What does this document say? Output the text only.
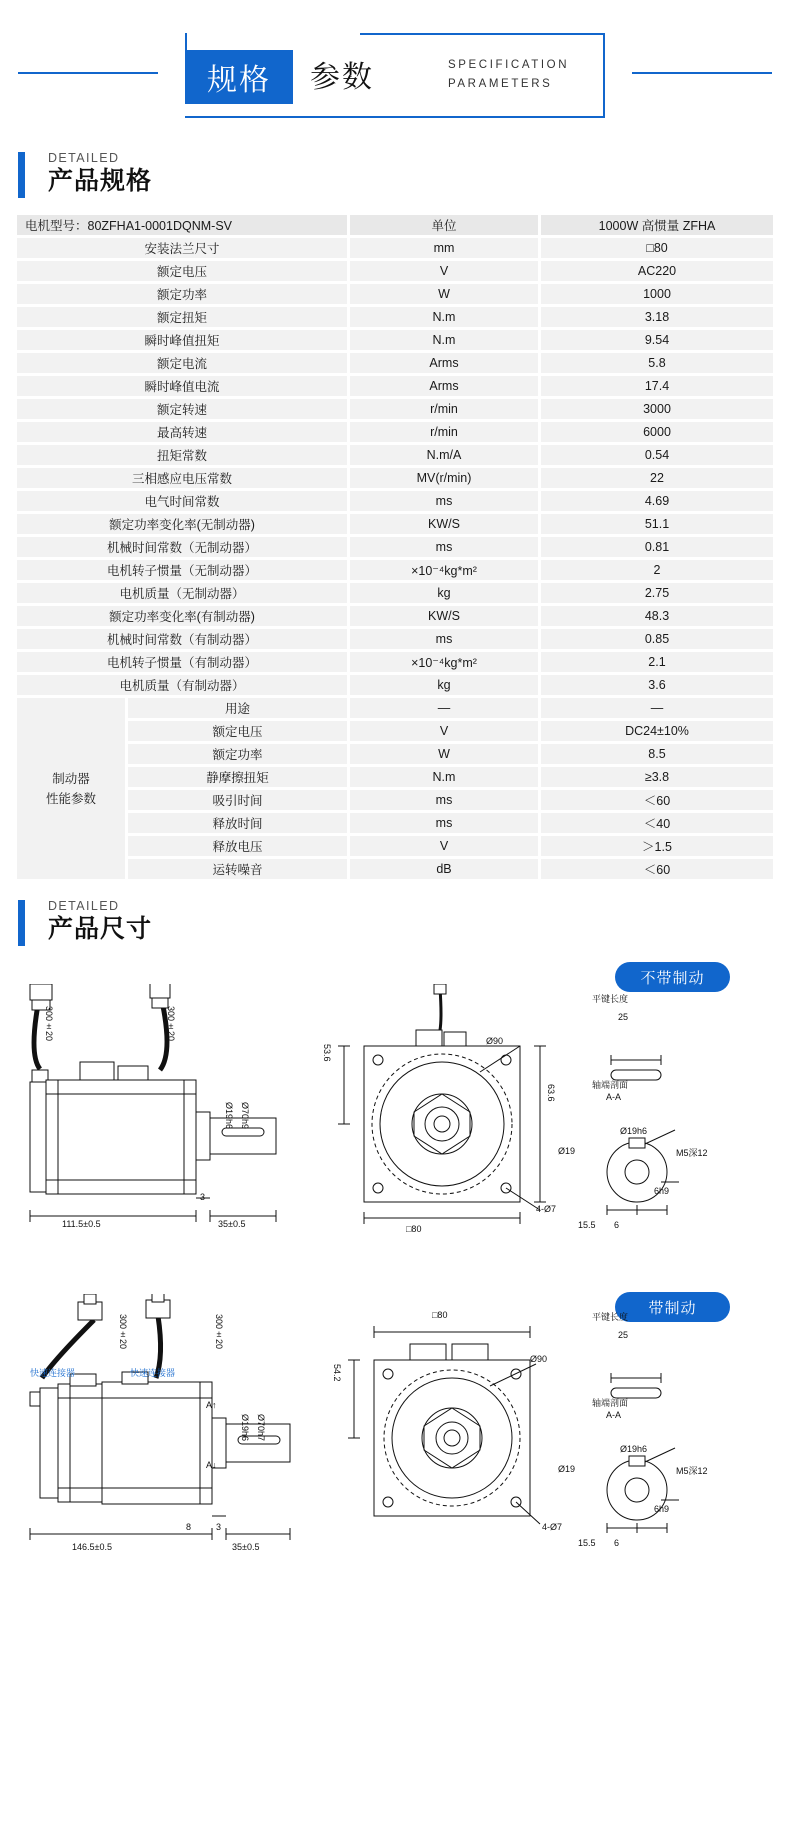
规格	参数	SPECIFICATION
PARAMETERS
DETAILED
产品规格
电机型号：80ZFHA1-0001DQNM-SV		单位	1000W 高惯量 ZFHA
安装法兰尺寸		mm	□80
额定电压		V	AC220
额定功率		W	1000
额定扭矩		N.m	3.18
瞬时峰值扭矩		N.m	9.54
额定电流		Arms	5.8
瞬时峰值电流		Arms	17.4
额定转速		r/min	3000
最高转速		r/min	6000
扭矩常数		N.m/A	0.54
三相感应电压常数		MV(r/min)	22
电气时间常数		ms	4.69
额定功率变化率(无制动器)		KW/S	51.1
机械时间常数（无制动器）		ms	0.81
电机转子惯量（无制动器）		×10⁻⁴kg*m²	2
电机质量（无制动器）		kg	2.75
额定功率变化率(有制动器)		KW/S	48.3
机械时间常数（有制动器）		ms	0.85
电机转子惯量（有制动器）		×10⁻⁴kg*m²	2.1
电机质量（有制动器）		kg	3.6

制动器
性能参数	用途	—	—
	额定电压	V	DC24±10%
	额定功率	W	8.5
	静摩擦扭矩	N.m	≥3.8
	吸引时间	ms	＜60
	释放时间	ms	＜40
	释放电压	V	＞1.5
	运转噪音	dB	＜60
DETAILED
产品尺寸
不带制动
300±20	300±20
Ø19h6 Ø70h9
111.5±0.5	35±0.5
3
53.6
63.6
Ø90
□80
4-Ø7
平键长度
25
轴端剖面
A-A
Ø19
Ø19h6
M5深12
6h9
15.5 6
带制动
300±20	300±20
快速连接器	快速连接器
Ø19h6 Ø70h7
A↑
A↓
146.5±0.5	35±0.5
8	3
□80
54.2
Ø90
4-Ø7
平键长度
25
轴端剖面
A-A
Ø19
Ø19h6
M5深12
6h9
15.5 6
